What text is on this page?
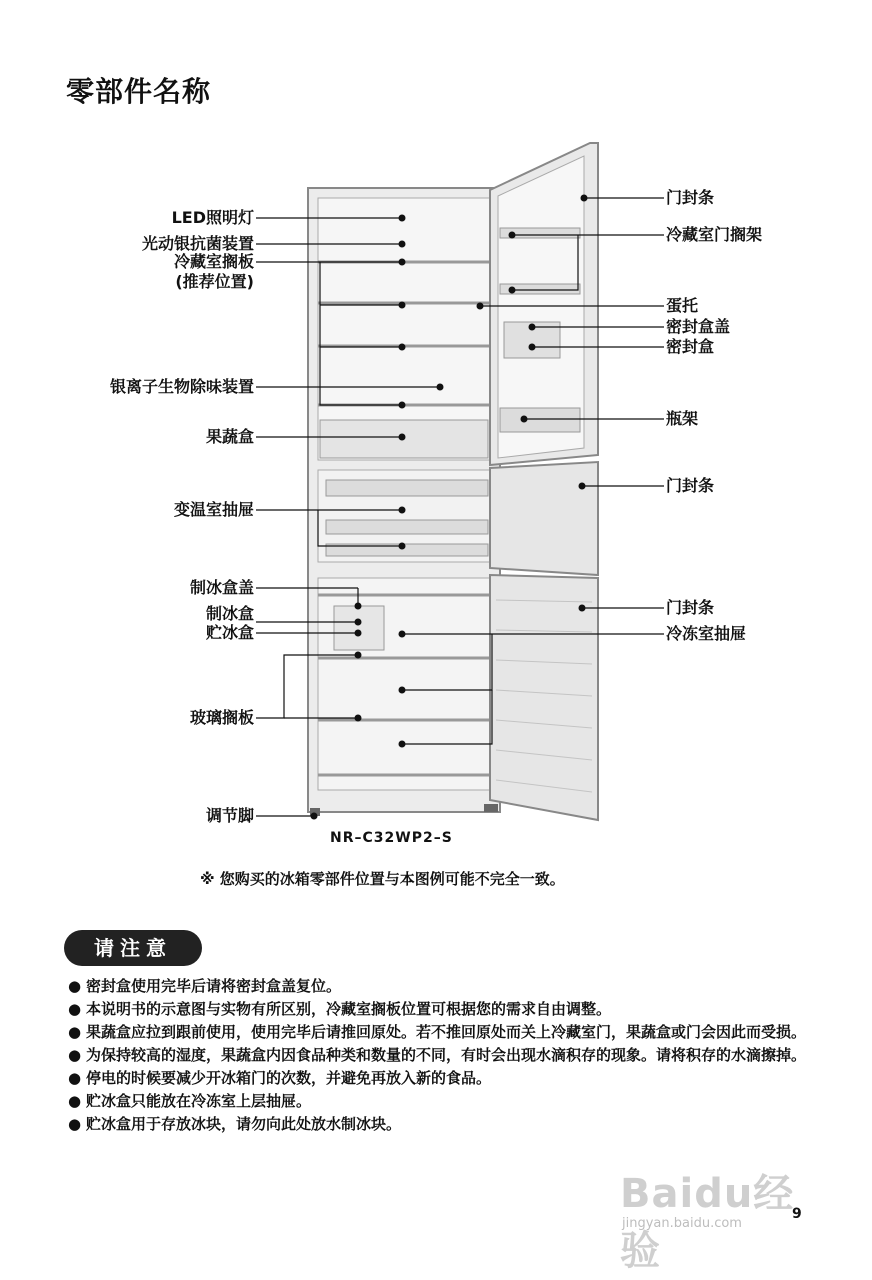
零部件名称
LED照明灯
光动银抗菌装置
冷藏室搁板
(推荐位置)
银离子生物除味装置
果蔬盒
变温室抽屉
制冰盒盖
制冰盒
贮冰盒
玻璃搁板
调节脚
门封条
冷藏室门搁架
蛋托
密封盒盖
密封盒
瓶架
门封条
门封条
冷冻室抽屉
NR–C32WP2–S
※ 您购买的冰箱零部件位置与本图例可能不完全一致。
请注意
● 密封盒使用完毕后请将密封盒盖复位。
● 本说明书的示意图与实物有所区别，冷藏室搁板位置可根据您的需求自由调整。
● 果蔬盒应拉到跟前使用，使用完毕后请推回原处。若不推回原处而关上冷藏室门，果蔬盒或门会因此而受损。
● 为保持较高的湿度，果蔬盒内因食品种类和数量的不同，有时会出现水滴积存的现象。请将积存的水滴擦掉。
● 停电的时候要减少开冰箱门的次数，并避免再放入新的食品。
● 贮冰盒只能放在冷冻室上层抽屉。
● 贮冰盒用于存放冰块，请勿向此处放水制冰块。
Baidu经验
jingyan.baidu.com
9
